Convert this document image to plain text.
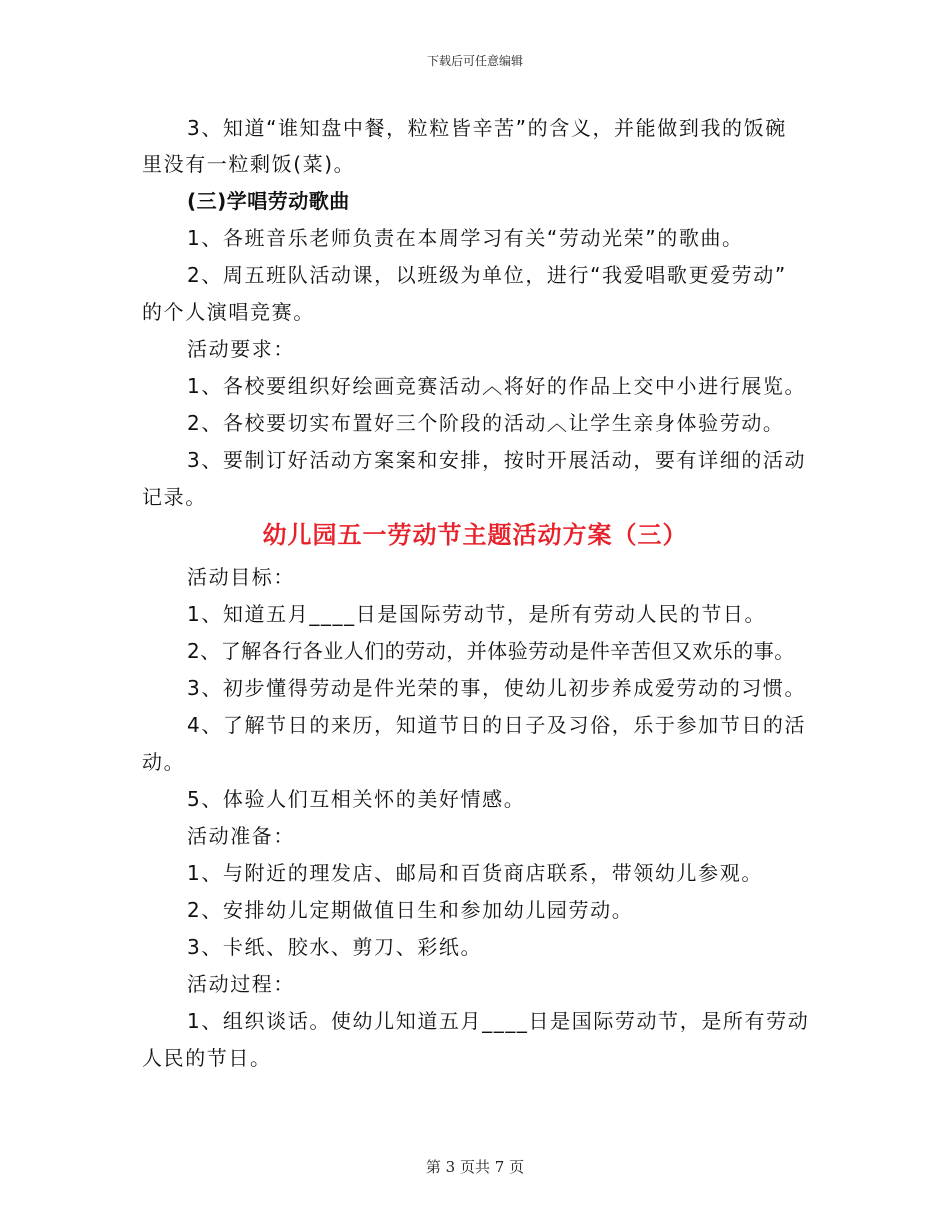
下载后可任意编辑
3、知道“谁知盘中餐，粒粒皆辛苦”的含义，并能做到我的饭碗
里没有一粒剩饭(菜)。
(三)学唱劳动歌曲
1、各班音乐老师负责在本周学习有关“劳动光荣”的歌曲。
2、周五班队活动课，以班级为单位，进行“我爱唱歌更爱劳动”
的个人演唱竞赛。
活动要求：
1、各校要组织好绘画竞赛活动︿将好的作品上交中小进行展览。
2、各校要切实布置好三个阶段的活动︿让学生亲身体验劳动。
3、要制订好活动方案案和安排，按时开展活动，要有详细的活动
记录。
幼儿园五一劳动节主题活动方案（三）
活动目标：
1、知道五月____日是国际劳动节，是所有劳动人民的节日。
2、了解各行各业人们的劳动，并体验劳动是件辛苦但又欢乐的事。
3、初步懂得劳动是件光荣的事，使幼儿初步养成爱劳动的习惯。
4、了解节日的来历，知道节日的日子及习俗，乐于参加节日的活
动。
5、体验人们互相关怀的美好情感。
活动准备：
1、与附近的理发店、邮局和百货商店联系，带领幼儿参观。
2、安排幼儿定期做值日生和参加幼儿园劳动。
3、卡纸、胶水、剪刀、彩纸。
活动过程：
1、组织谈话。使幼儿知道五月____日是国际劳动节，是所有劳动
人民的节日。
第 3 页共 7 页
